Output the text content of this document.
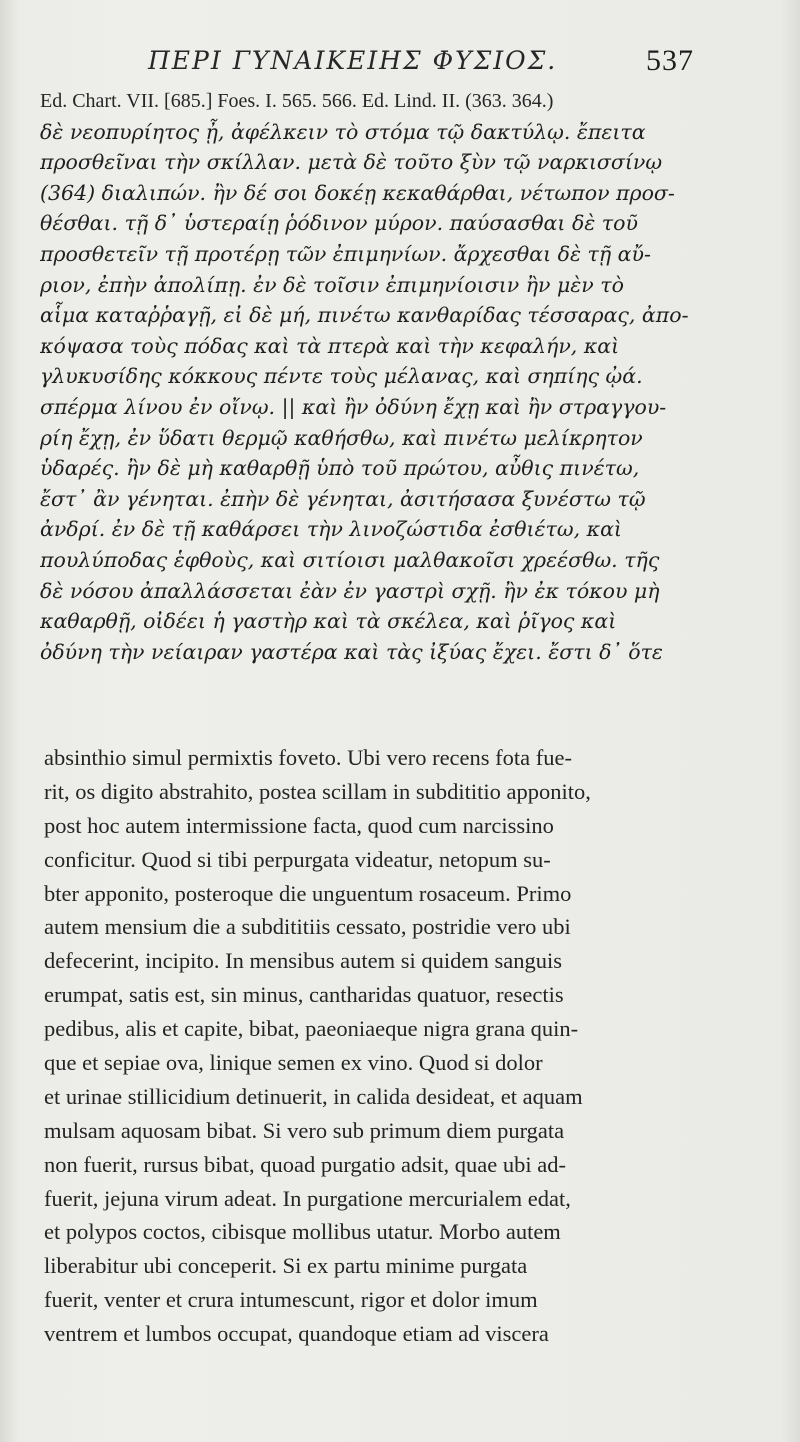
ΠΕΡΙ ΓΥΝΑΙΚΕΙΗΣ ΦΥΣΙΟΣ.	537
Ed. Chart. VII. [685.] Foes. I. 565. 566. Ed. Lind. II. (363. 364.)
δὲ νεοπυρίητος ᾖ, ἀφέλκειν τὸ στόμα τῷ δακτύλῳ. ἔπειτα
προσθεῖναι τὴν σκίλλαν. μετὰ δὲ τοῦτο ξὺν τῷ ναρκισσίνῳ
(364) διαλιπών. ἢν δέ σοι δοκέῃ κεκαθάρθαι, νέτωπον προσ-
θέσθαι. τῇ δ᾽ ὑστεραίῃ ῥόδινον μύρον. παύσασθαι δὲ τοῦ
προσθετεῖν τῇ προτέρῃ τῶν ἐπιμηνίων. ἄρχεσθαι δὲ τῇ αὔ-
ριον, ἐπὴν ἀπολίπῃ. ἐν δὲ τοῖσιν ἐπιμηνίοισιν ἢν μὲν τὸ
αἷμα καταῤῥαγῇ, εἰ δὲ μή, πινέτω κανθαρίδας τέσσαρας, ἀπο-
κόψασα τοὺς πόδας καὶ τὰ πτερὰ καὶ τὴν κεφαλήν, καὶ
γλυκυσίδης κόκκους πέντε τοὺς μέλανας, καὶ σηπίης ᾠά.
σπέρμα λίνου ἐν οἴνῳ. || καὶ ἢν ὀδύνη ἔχῃ καὶ ἢν στραγγου-
ρίη ἔχῃ, ἐν ὕδατι θερμῷ καθήσθω, καὶ πινέτω μελίκρητον
ὑδαρές. ἢν δὲ μὴ καθαρθῇ ὑπὸ τοῦ πρώτου, αὖθις πινέτω,
ἔστ᾽ ἂν γένηται. ἐπὴν δὲ γένηται, ἀσιτήσασα ξυνέστω τῷ
ἀνδρί. ἐν δὲ τῇ καθάρσει τὴν λινοζώστιδα ἐσθιέτω, καὶ
πουλύποδας ἑφθοὺς, καὶ σιτίοισι μαλθακοῖσι χρεέσθω. τῆς
δὲ νόσου ἀπαλλάσσεται ἐὰν ἐν γαστρὶ σχῇ. ἢν ἐκ τόκου μὴ
καθαρθῇ, οἰδέει ἡ γαστὴρ καὶ τὰ σκέλεα, καὶ ῥῖγος καὶ
ὀδύνη τὴν νείαιραν γαστέρα καὶ τὰς ἰξύας ἔχει. ἔστι δ᾽ ὅτε
absinthio simul permixtis foveto. Ubi vero recens fota fue-
rit, os digito abstrahito, postea scillam in subdititio apponito,
post hoc autem intermissione facta, quod cum narcissino
conficitur. Quod si tibi perpurgata videatur, netopum su-
bter apponito, posteroque die unguentum rosaceum. Primo
autem mensium die a subdititiis cessato, postridie vero ubi
defecerint, incipito. In mensibus autem si quidem sanguis
erumpat, satis est, sin minus, cantharidas quatuor, resectis
pedibus, alis et capite, bibat, paeoniaeque nigra grana quin-
que et sepiae ova, linique semen ex vino. Quod si dolor
et urinae stillicidium detinuerit, in calida desideat, et aquam
mulsam aquosam bibat. Si vero sub primum diem purgata
non fuerit, rursus bibat, quoad purgatio adsit, quae ubi ad-
fuerit, jejuna virum adeat. In purgatione mercurialem edat,
et polypos coctos, cibisque mollibus utatur. Morbo autem
liberabitur ubi conceperit. Si ex partu minime purgata
fuerit, venter et crura intumescunt, rigor et dolor imum
ventrem et lumbos occupat, quandoque etiam ad viscera
